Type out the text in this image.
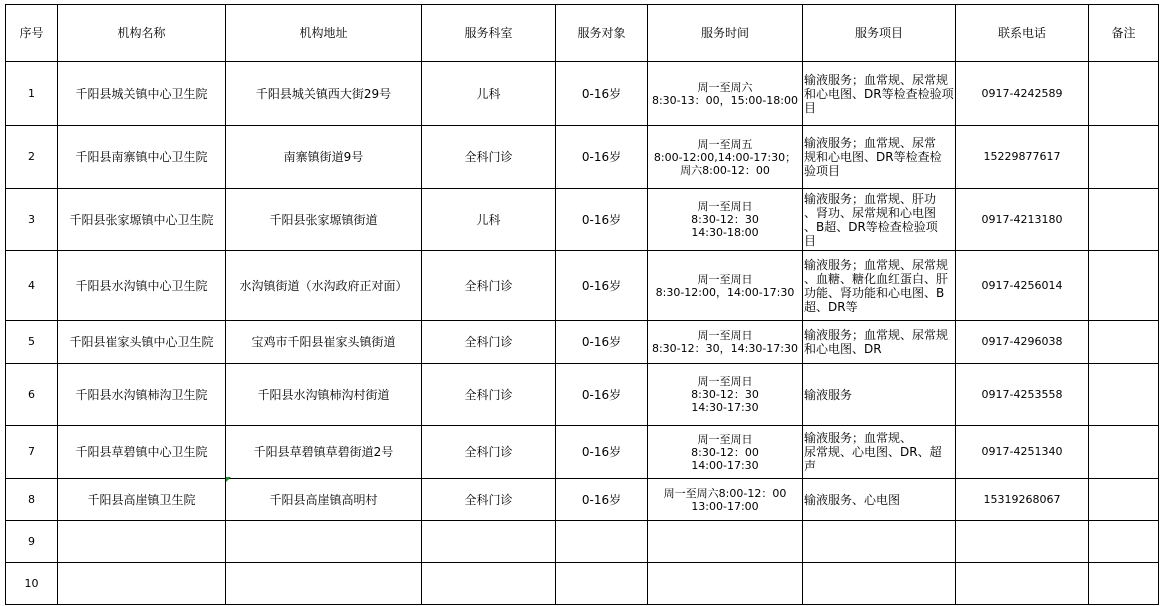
序号	机构名称	机构地址	服务科室	服务对象	服务时间	服务项目	联系电话	备注
1	千阳县城关镇中心卫生院	千阳县城关镇西大街29号	儿科	0-16岁	周一至周六
8:30-13：00，15:00-18:00	输液服务；血常规、尿常规
和心电图、DR等检查检验项
目	0917-4242589	
2	千阳县南寨镇中心卫生院	南寨镇街道9号	全科门诊	0-16岁	周一至周五
8:00-12:00,14:00-17:30；
周六8:00-12：00	输液服务；血常规、尿常
规和心电图、DR等检查检
验项目	15229877617	
3	千阳县张家塬镇中心卫生院	千阳县张家塬镇街道	儿科	0-16岁	周一至周日
8:30-12：30
14:30-18:00	输液服务；血常规、肝功
、肾功、尿常规和心电图
、B超、DR等检查检验项
目	0917-4213180	
4	千阳县水沟镇中心卫生院	水沟镇街道（水沟政府正对面）	全科门诊	0-16岁	周一至周日
8:30-12:00，14:00-17:30	输液服务；血常规、尿常规
、血糖、糖化血红蛋白、肝
功能、肾功能和心电图、B
超、DR等	0917-4256014	
5	千阳县崔家头镇中心卫生院	宝鸡市千阳县崔家头镇街道	全科门诊	0-16岁	周一至周日
8:30-12：30，14:30-17:30	输液服务；血常规、尿常规
和心电图、DR	0917-4296038	
6	千阳县水沟镇柿沟卫生院	千阳县水沟镇柿沟村街道	全科门诊	0-16岁	周一至周日
8:30-12：30
14:30-17:30	输液服务	0917-4253558	
7	千阳县草碧镇中心卫生院	千阳县草碧镇草碧街道2号	全科门诊	0-16岁	周一至周日
8:30-12：00
14:00-17:30	输液服务；血常规、
尿常规、心电图、DR、超
声	0917-4251340	
8	千阳县高崖镇卫生院	千阳县高崖镇高明村	全科门诊	0-16岁	周一至周六8:00-12：00
13:00-17:00	输液服务、心电图	15319268067	
9								
10								
